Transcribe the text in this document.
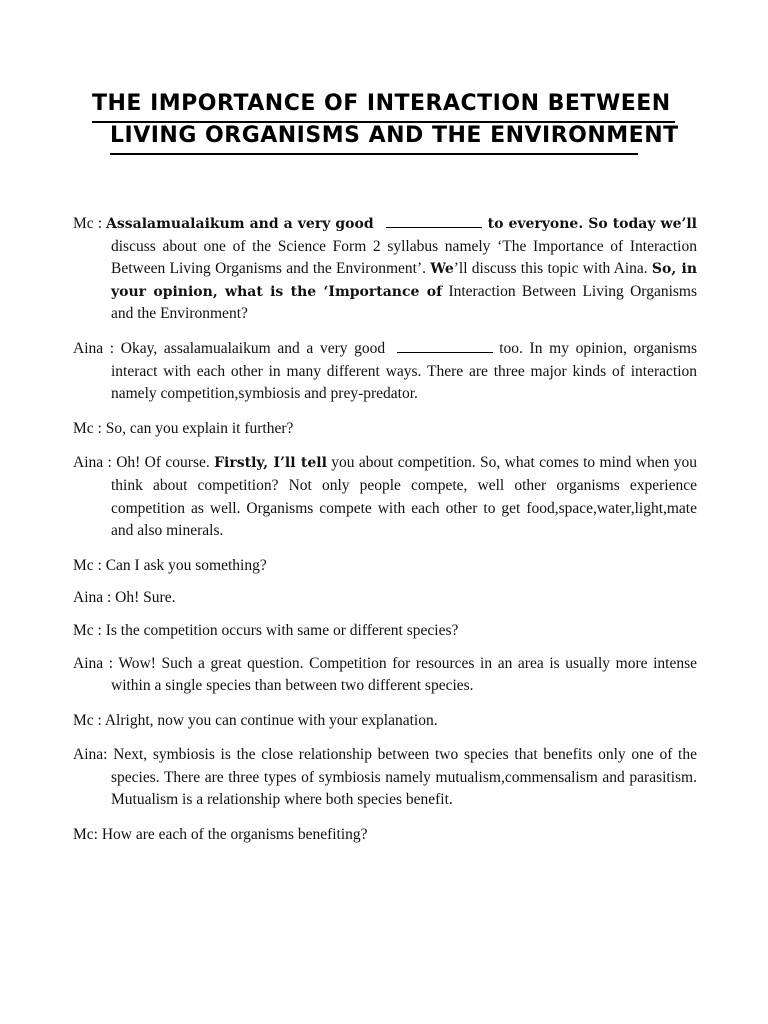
THE IMPORTANCE OF INTERACTION BETWEEN
LIVING ORGANISMS AND THE ENVIRONMENT

Mc : Assalamualaikum and a very good	to everyone. So today we’ll discuss about one of the Science Form 2 syllabus namely ‘The Importance of Interaction Between Living Organisms and the Environment’. We’ll discuss this topic with Aina. So, in your opinion, what is the ‘Importance of Interaction Between Living Organisms and the Environment?

Aina : Okay, assalamualaikum and a very good	too. In my opinion, organisms interact with each other in many different ways. There are three major kinds of interaction namely competition,symbiosis and prey-predator.

Mc : So, can you explain it further?

Aina : Oh! Of course. Firstly, I’ll tell you about competition. So, what comes to mind when you think about competition? Not only people compete, well other organisms experience competition as well. Organisms compete with each other to get food,space,water,light,mate and also minerals.

Mc : Can I ask you something?

Aina : Oh! Sure.

Mc : Is the competition occurs with same or different species?

Aina : Wow! Such a great question. Competition for resources in an area is usually more intense within a single species than between two different species.

Mc : Alright, now you can continue with your explanation.

Aina: Next, symbiosis is the close relationship between two species that benefits only one of the species. There are three types of symbiosis namely mutualism,commensalism and parasitism. Mutualism is a relationship where both species benefit.

Mc: How are each of the organisms benefiting?
